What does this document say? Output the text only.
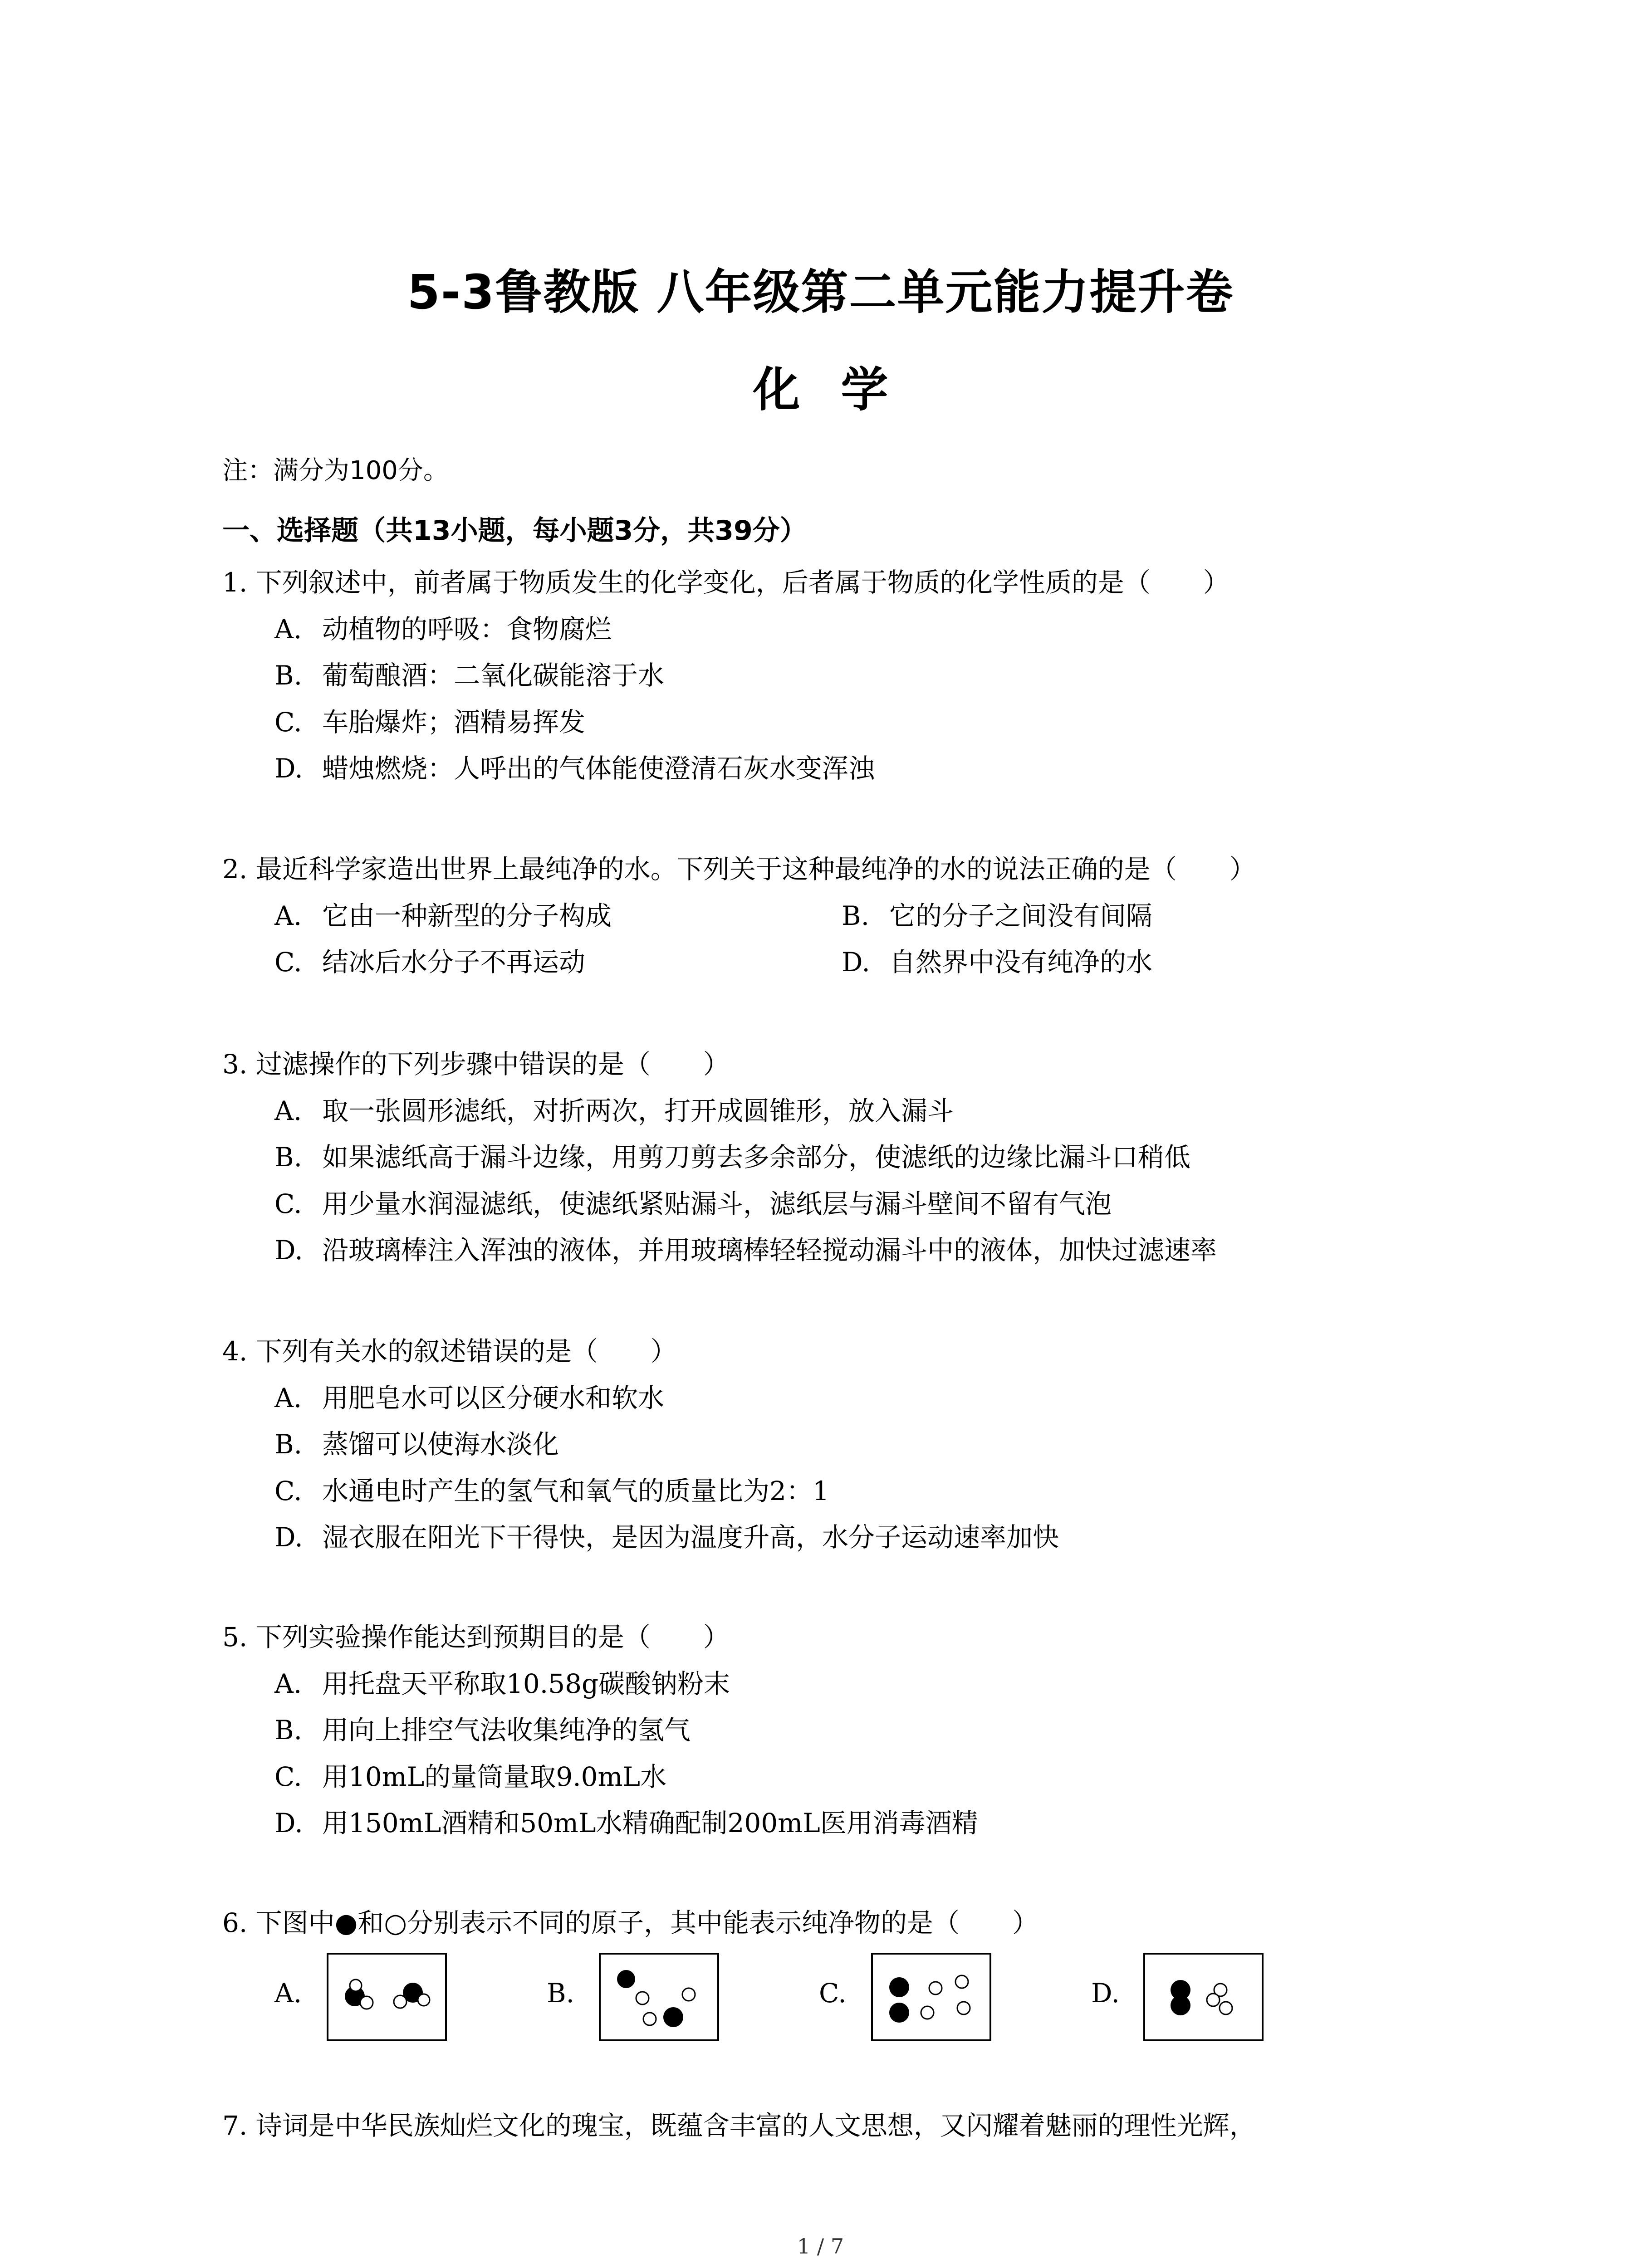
5-3鲁教版 八年级第二单元能力提升卷
化学
注：满分为100分。
一、选择题（共13小题，每小题3分，共39分）
1. 下列叙述中，前者属于物质发生的化学变化，后者属于物质的化学性质的是（　　）
A. 动植物的呼吸：食物腐烂
B. 葡萄酿酒：二氧化碳能溶于水
C. 车胎爆炸；酒精易挥发
D. 蜡烛燃烧：人呼出的气体能使澄清石灰水变浑浊
2. 最近科学家造出世界上最纯净的水。下列关于这种最纯净的水的说法正确的是（　　）
A. 它由一种新型的分子构成	B. 它的分子之间没有间隔
C. 结冰后水分子不再运动	D. 自然界中没有纯净的水
3. 过滤操作的下列步骤中错误的是（　　）
A. 取一张圆形滤纸，对折两次，打开成圆锥形，放入漏斗
B. 如果滤纸高于漏斗边缘，用剪刀剪去多余部分，使滤纸的边缘比漏斗口稍低
C. 用少量水润湿滤纸，使滤纸紧贴漏斗，滤纸层与漏斗壁间不留有气泡
D. 沿玻璃棒注入浑浊的液体，并用玻璃棒轻轻搅动漏斗中的液体，加快过滤速率
4. 下列有关水的叙述错误的是（　　）
A. 用肥皂水可以区分硬水和软水
B. 蒸馏可以使海水淡化
C. 水通电时产生的氢气和氧气的质量比为2：1
D. 湿衣服在阳光下干得快，是因为温度升高，水分子运动速率加快
5. 下列实验操作能达到预期目的是（　　）
A. 用托盘天平称取10.58g碳酸钠粉末
B. 用向上排空气法收集纯净的氢气
C. 用10mL的量筒量取9.0mL水
D. 用150mL酒精和50mL水精确配制200mL医用消毒酒精
6. 下图中●和○分别表示不同的原子，其中能表示纯净物的是（　　）
A.	B.	C.	D.
7. 诗词是中华民族灿烂文化的瑰宝，既蕴含丰富的人文思想，又闪耀着魅丽的理性光辉，
1 / 7
